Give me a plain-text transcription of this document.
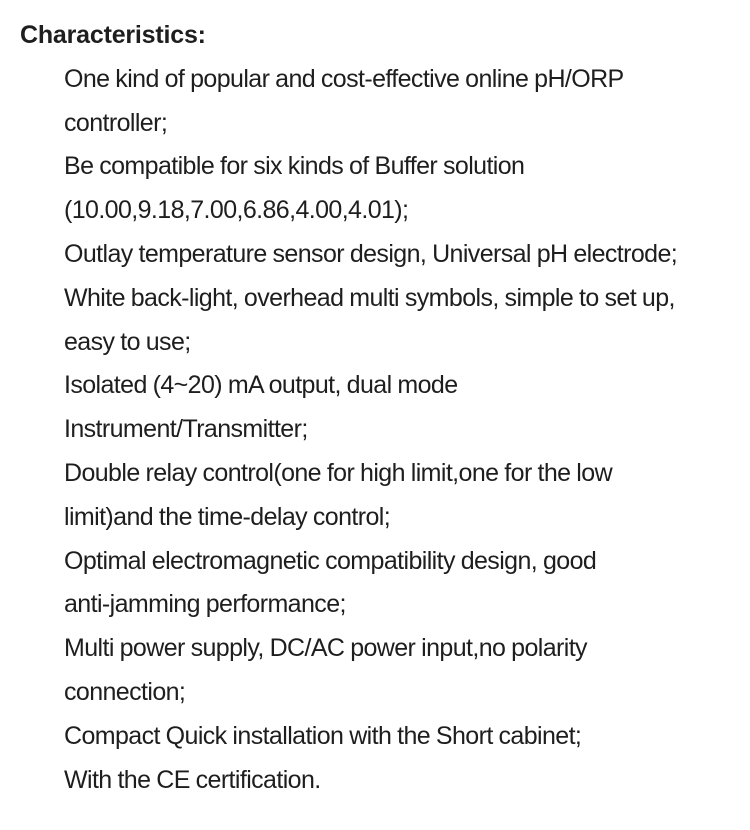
Characteristics:

One kind of popular and cost-effective online pH/ORP
controller;

Be compatible for six kinds of Buffer solution
(10.00,9.18,7.00,6.86,4.00,4.01);

Outlay temperature sensor design, Universal pH electrode;

White back-light, overhead multi symbols, simple to set up,
easy to use;

Isolated (4~20) mA output, dual mode
Instrument/Transmitter;

Double relay control(one for high limit,one for the low
limit)and the time-delay control;

Optimal electromagnetic compatibility design, good
anti-jamming performance;

Multi power supply, DC/AC power input,no polarity
connection;

Compact Quick installation with the Short cabinet;

With the CE certification.
